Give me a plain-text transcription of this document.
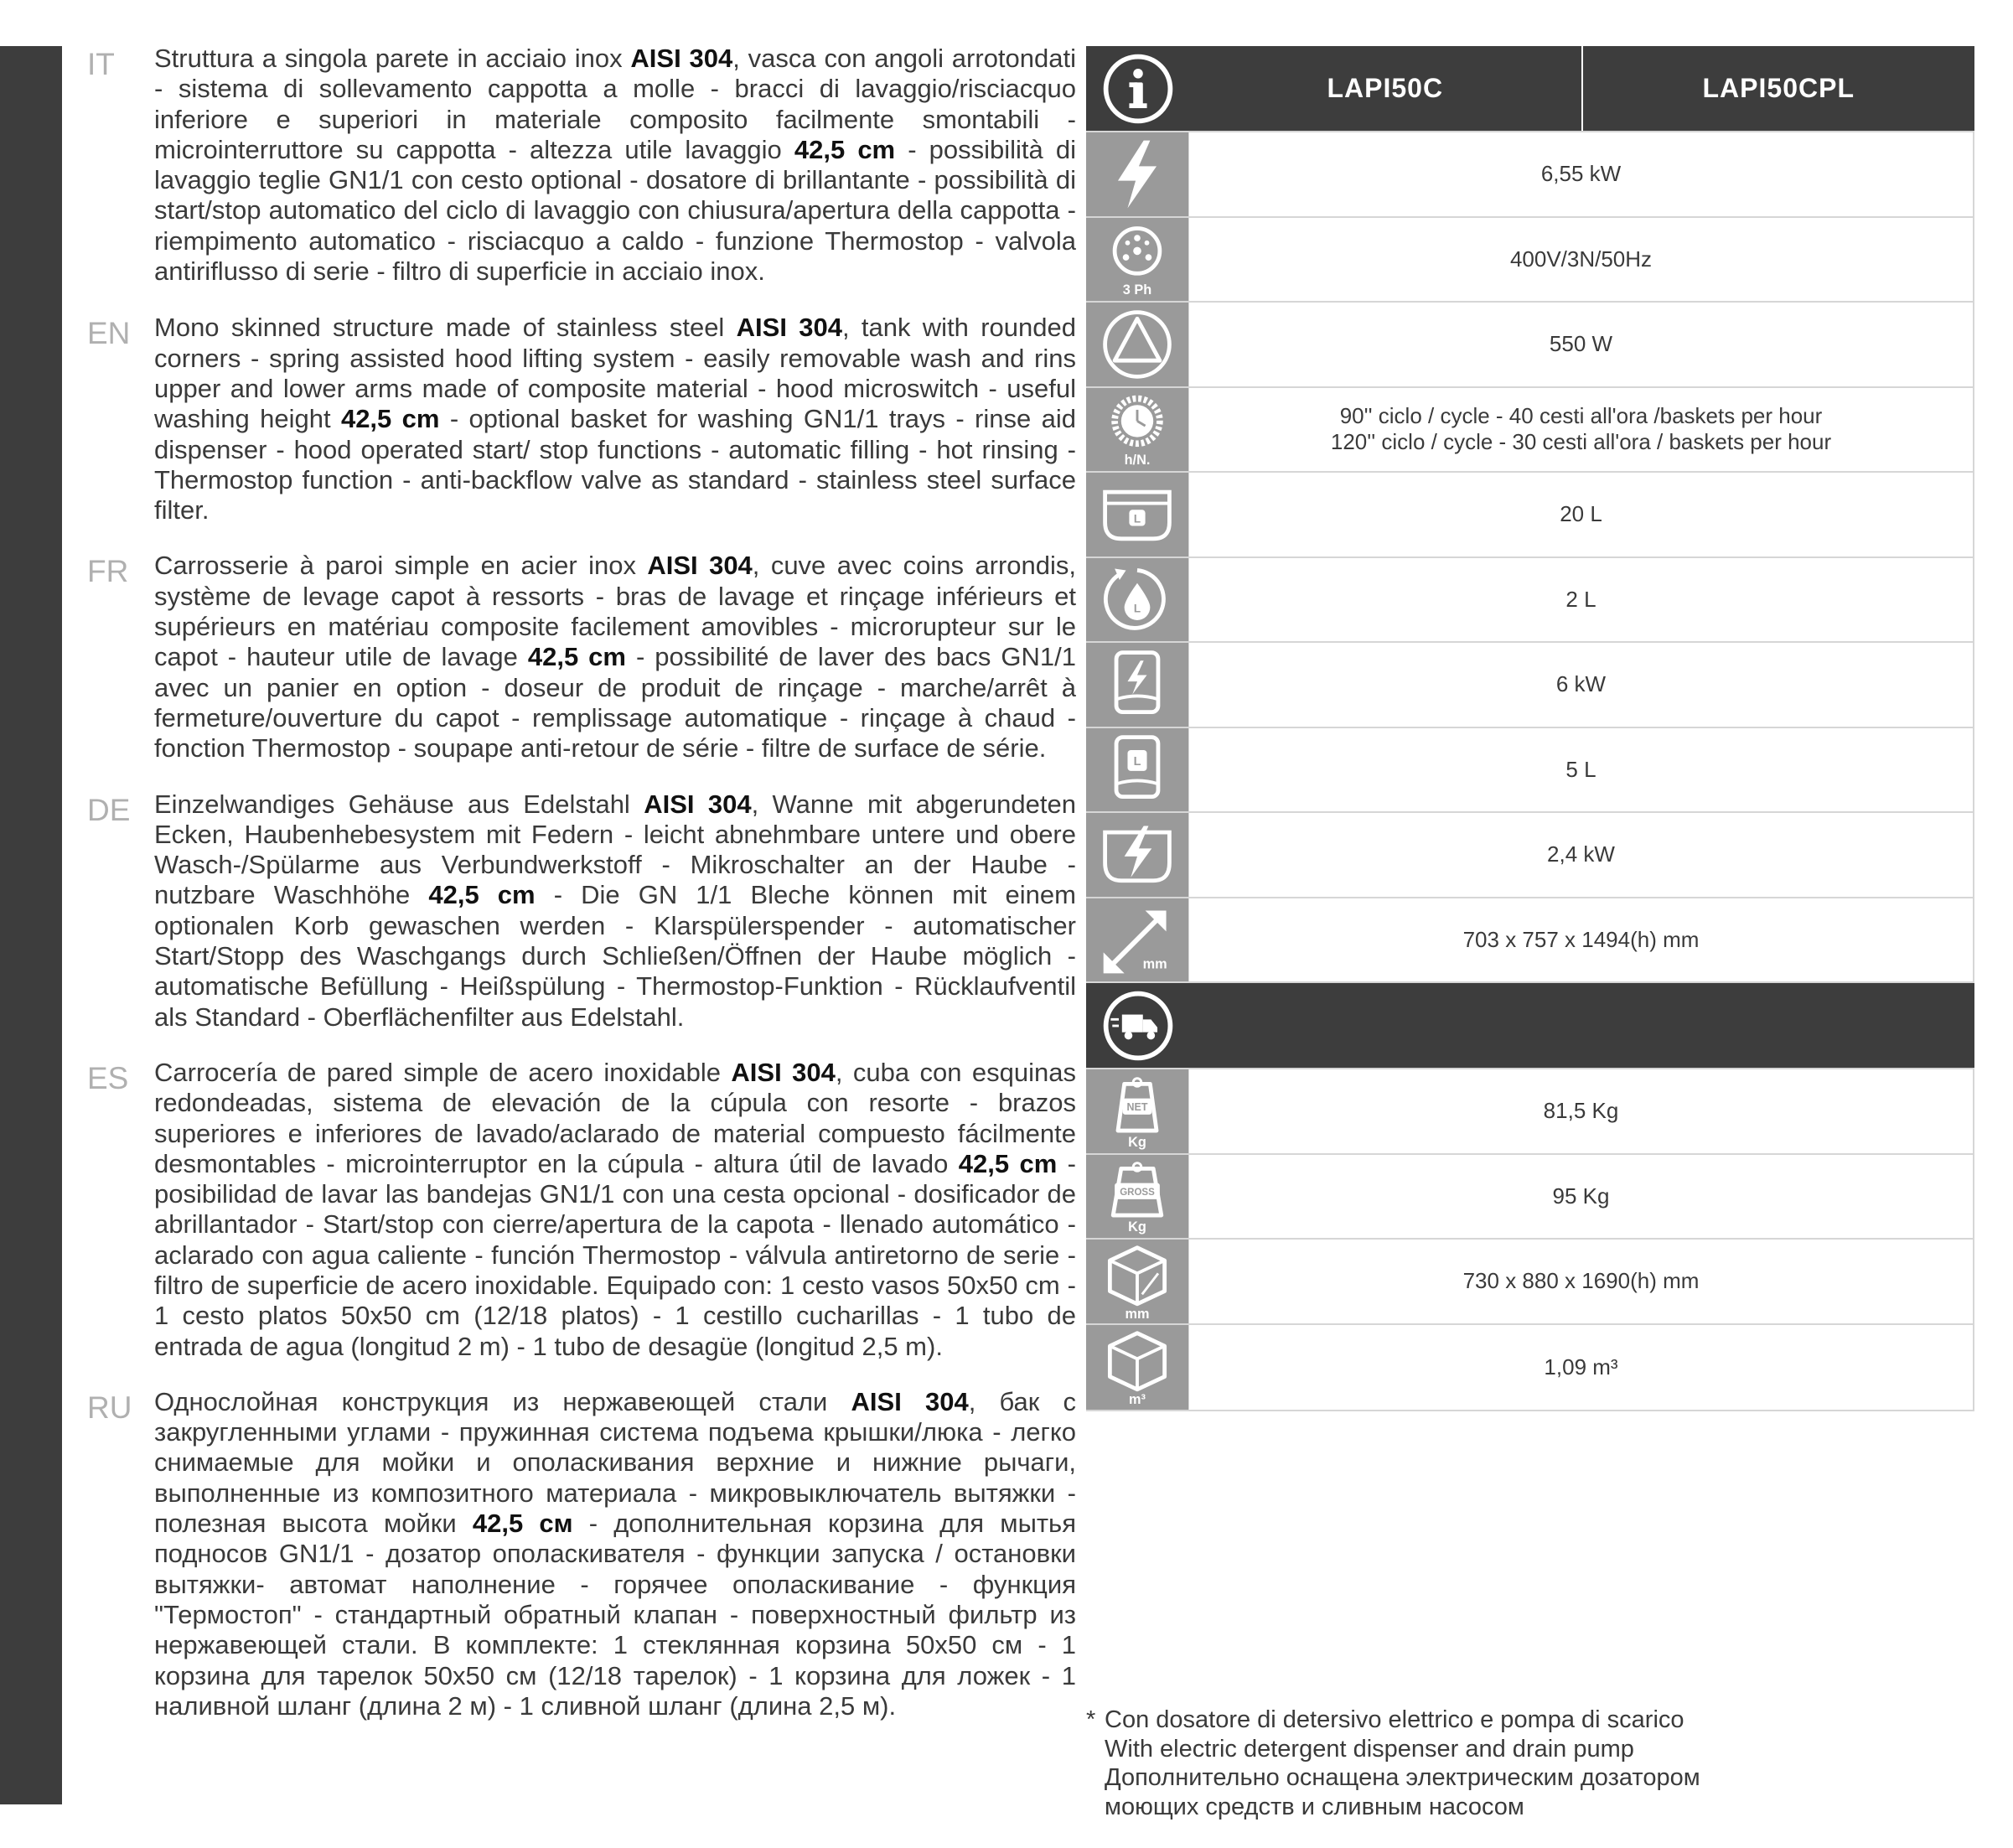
IT	Struttura a singola parete in acciaio inox AISI 304, vasca con angoli arrotondati - sistema di sollevamento cappotta a molle - bracci di lavaggio/risciacquo inferiore e superiori in materiale composito facilmente smontabili - microinterruttore su cappotta - altezza utile lavaggio 42,5 cm - possibilità di lavaggio teglie GN1/1 con cesto optional - dosatore di brillantante - possibilità di start/stop automatico del ciclo di lavaggio con chiusura/apertura della cappotta - riempimento automatico - risciacquo a caldo - funzione Thermostop - valvola antiriflusso di serie - filtro di superficie in acciaio inox.
EN Mono skinned structure made of stainless steel AISI 304, tank with rounded corners - spring assisted hood lifting system - easily removable wash and rins upper and lower arms made of composite material - hood microswitch - useful washing height 42,5 cm - optional basket for washing GN1/1 trays - rinse aid dispenser - hood operated start/ stop functions - automatic filling - hot rinsing - Thermostop function - anti-backflow valve as standard - stainless steel surface filter.
FR Carrosserie à paroi simple en acier inox AISI 304, cuve avec coins arrondis, système de levage capot à ressorts - bras de lavage et rinçage inférieurs et supérieurs en matériau composite facilement amovibles - microrupteur sur le capot - hauteur utile de lavage 42,5 cm - possibilité de laver des bacs GN1/1 avec un panier en option - doseur de produit de rinçage - marche/arrêt à fermeture/ouverture du capot - remplissage automatique - rinçage à chaud - fonction Thermostop - soupape anti-retour de série - filtre de surface de série.
DE Einzelwandiges Gehäuse aus Edelstahl AISI 304, Wanne mit abgerundeten Ecken, Haubenhebesystem mit Federn - leicht abnehmbare untere und obere Wasch-/Spülarme aus Verbundwerkstoff - Mikroschalter an der Haube - nutzbare Waschhöhe 42,5 cm - Die GN 1/1 Bleche können mit einem optionalen Korb gewaschen werden - Klarspülerspender - automatischer Start/Stopp des Waschgangs durch Schließen/Öffnen der Haube möglich - automatische Befüllung - Heißspülung - Thermostop-Funktion - Rücklaufventil als Standard - Oberflächenfilter aus Edelstahl.
ES Carrocería de pared simple de acero inoxidable AISI 304, cuba con esquinas redondeadas, sistema de elevación de la cúpula con resorte - brazos superiores e inferiores de lavado/aclarado de material compuesto fácilmente desmontables - microinterruptor en la cúpula - altura útil de lavado 42,5 cm - posibilidad de lavar las bandejas GN1/1 con una cesta opcional - dosificador de abrillantador - Start/stop con cierre/apertura de la capota - llenado automático - aclarado con agua caliente - función Thermostop - válvula antiretorno de serie - filtro de superficie de acero inoxidable. Equipado con: 1 cesto vasos 50x50 cm - 1 cesto platos 50x50 cm (12/18 platos) - 1 cestillo cucharillas - 1 tubo de entrada de agua (longitud 2 m) - 1 tubo de desagüe (longitud 2,5 m).
RU Однослойная конструкция из нержавеющей стали AISI 304, бак с закругленными углами - пружинная система подъема крышки/люка - легко снимаемые для мойки и ополаскивания верхние и нижние рычаги, выполненные из композитного материала - микровыключатель вытяжки - полезная высота мойки 42,5 см - дополнительная корзина для мытья подносов GN1/1 - дозатор ополаскивателя - функции запуска / остановки вытяжки- автомат наполнение - горячее ополаскивание - функция "Термостоп" - стандартный обратный клапан - поверхностный фильтр из нержавеющей стали. В комплекте: 1 стеклянная корзина 50x50 см - 1 корзина для тарелок 50x50 см (12/18 тарелок) - 1 корзина для ложек - 1 наливной шланг (длина 2 м) - 1 сливной шланг (длина 2,5 м).
LAPI50C	LAPI50CPL
6,55 kW
3 Ph
400V/3N/50Hz
550 W
h/N.
90'' ciclo / cycle - 40 cesti all'ora /baskets per hour
120'' ciclo / cycle - 30 cesti all'ora / baskets per hour
L	20 L
L	2 L
6 kW
L	5 L
2,4 kW
mm
703 x 757 x 1494(h) mm
NET
Kg
81,5 Kg
GROSS
Kg
95 Kg
mm
730 x 880 x 1690(h) mm
m³
1,09 m³
* Con dosatore di detersivo elettrico e pompa di scarico
With electric detergent dispenser and drain pump
Дополнительно оснащена электрическим дозатором
моющих средств и сливным насосом
